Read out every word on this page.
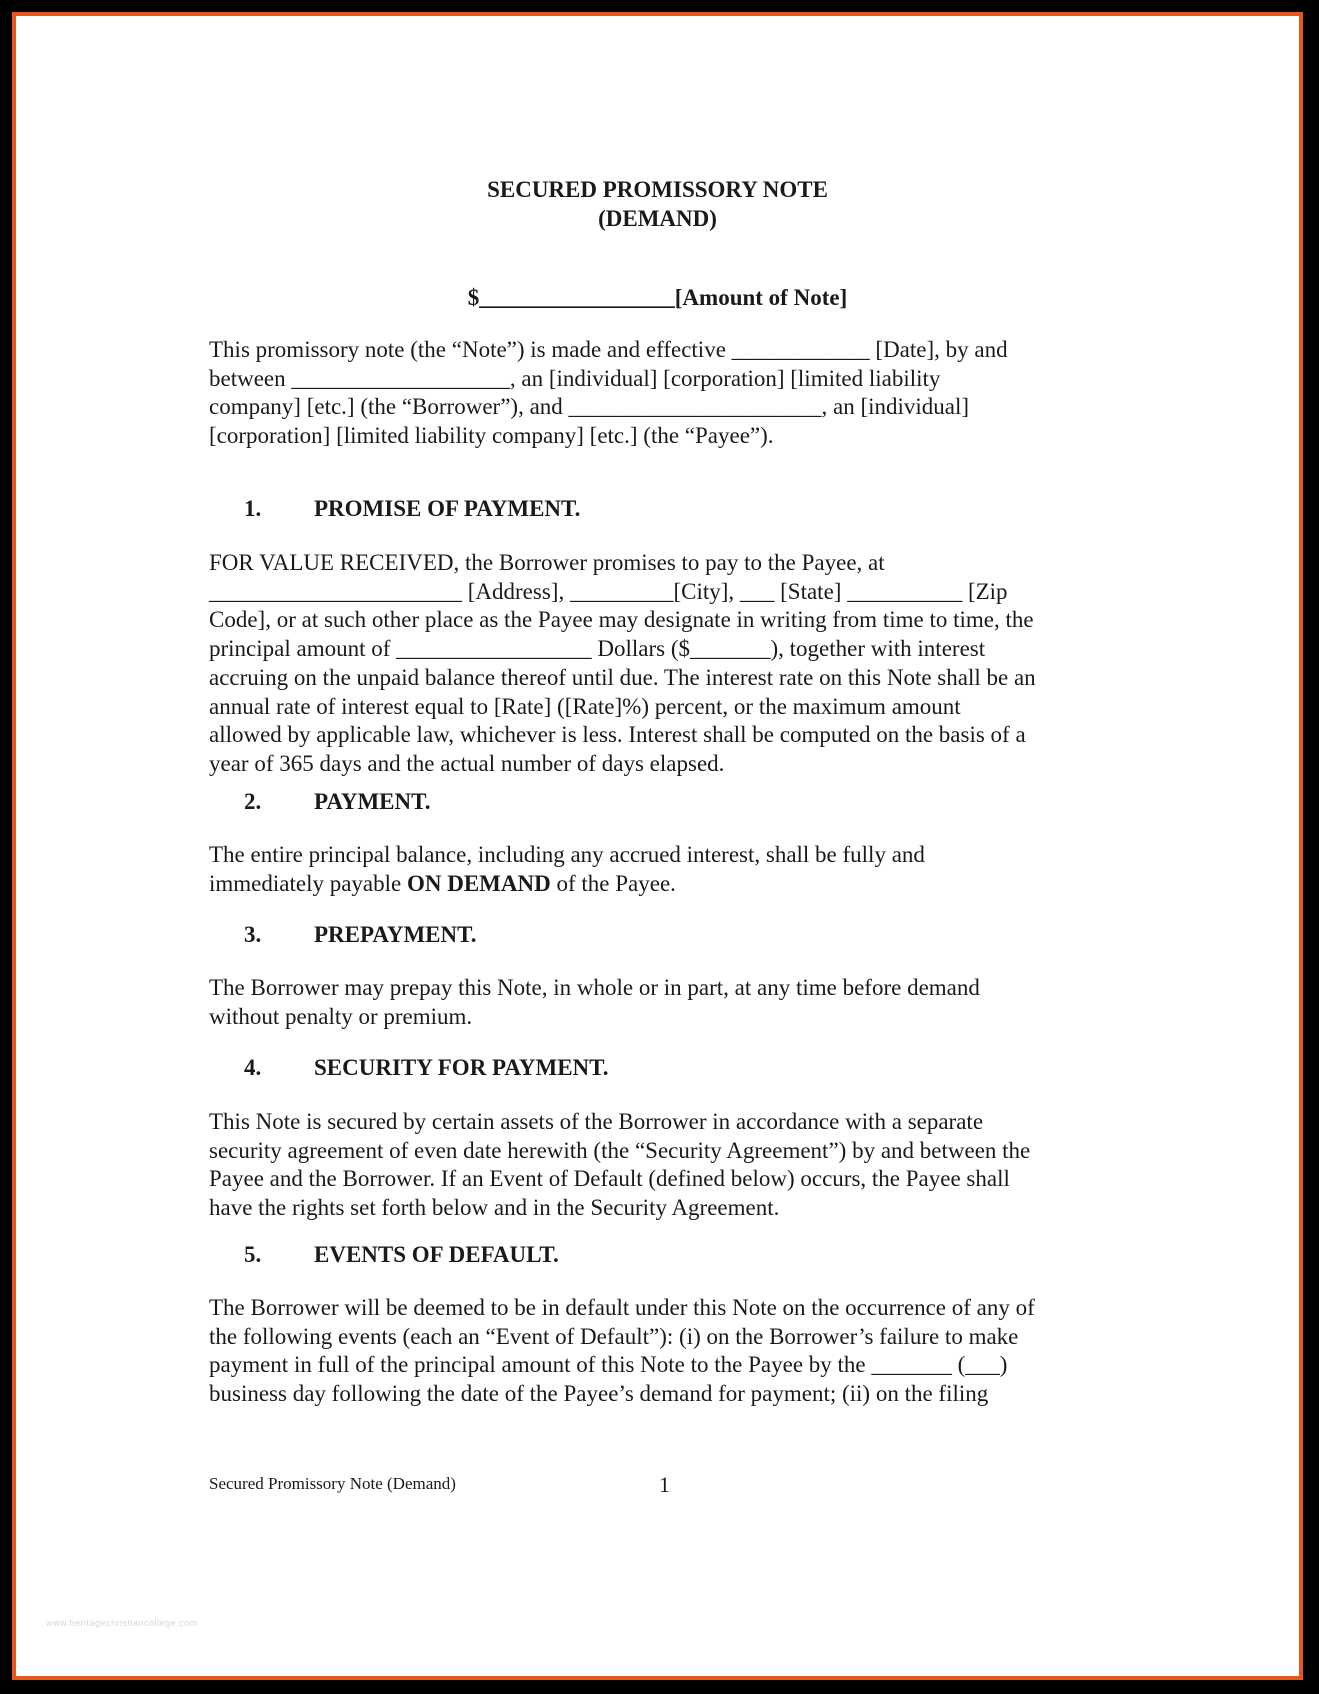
SECURED PROMISSORY NOTE
(DEMAND)
$_________________[Amount of Note]
This promissory note (the “Note”) is made and effective ____________ [Date], by and
between ___________________, an [individual] [corporation] [limited liability
company] [etc.] (the “Borrower”), and ______________________, an [individual]
[corporation] [limited liability company] [etc.] (the “Payee”).
1. PROMISE OF PAYMENT.
FOR VALUE RECEIVED, the Borrower promises to pay to the Payee, at
______________________ [Address], _________[City], ___ [State] __________ [Zip
Code], or at such other place as the Payee may designate in writing from time to time, the
principal amount of _________________ Dollars ($_______), together with interest
accruing on the unpaid balance thereof until due. The interest rate on this Note shall be an
annual rate of interest equal to [Rate] ([Rate]%) percent, or the maximum amount
allowed by applicable law, whichever is less. Interest shall be computed on the basis of a
year of 365 days and the actual number of days elapsed.
2. PAYMENT.
The entire principal balance, including any accrued interest, shall be fully and
immediately payable ON DEMAND of the Payee.
3. PREPAYMENT.
The Borrower may prepay this Note, in whole or in part, at any time before demand
without penalty or premium.
4. SECURITY FOR PAYMENT.
This Note is secured by certain assets of the Borrower in accordance with a separate
security agreement of even date herewith (the “Security Agreement”) by and between the
Payee and the Borrower. If an Event of Default (defined below) occurs, the Payee shall
have the rights set forth below and in the Security Agreement.
5. EVENTS OF DEFAULT.
The Borrower will be deemed to be in default under this Note on the occurrence of any of
the following events (each an “Event of Default”): (i) on the Borrower’s failure to make
payment in full of the principal amount of this Note to the Payee by the _______ (___)
business day following the date of the Payee’s demand for payment; (ii) on the filing
Secured Promissory Note (Demand)	1
www.heritagechristiancollege.com
